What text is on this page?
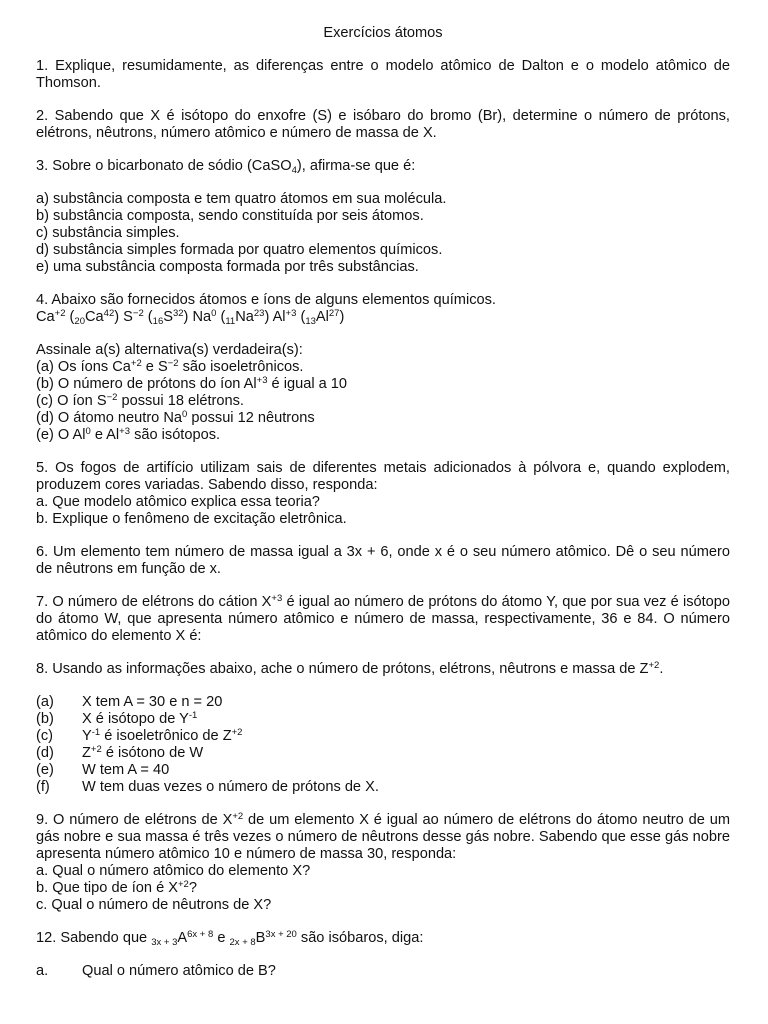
Exercícios átomos
1. Explique, resumidamente, as diferenças entre o modelo atômico de Dalton e o modelo atômico de Thomson.
2. Sabendo que X é isótopo do enxofre (S) e isóbaro do bromo (Br), determine o número de prótons, elétrons, nêutrons, número atômico e número de massa de X.
3. Sobre o bicarbonato de sódio (CaSO4), afirma-se que é:
a) substância composta e tem quatro átomos em sua molécula.
b) substância composta, sendo constituída por seis átomos.
c) substância simples.
d) substância simples formada por quatro elementos químicos.
e) uma substância composta formada por três substâncias.
4. Abaixo são fornecidos átomos e íons de alguns elementos químicos.
$Ca^{+2}$ (20Ca$^{42}$) $S^{-2}$ $(16S^{32})$ Na$^0$ (11Na$^{23}$) $Al^{+3}$ (13Al$^{27}$)
Assinale a(s) alternativa(s) verdadeira(s):
(a) Os íons $Ca^{+2}$ e $S^{-2}$ são isoeletrônicos.
(b) O número de prótons do íon $Al^{+3}$ é igual a 10
(c) O íon $S^{-2}$ possui 18 elétrons.
(d) O átomo neutro Na$^0$ possui 12 nêutrons
(e) O Al$^0$ e $Al^{+3}$ são isótopos.
5. Os fogos de artifício utilizam sais de diferentes metais adicionados à pólvora e, quando explodem, produzem cores variadas. Sabendo disso, responda:
a. Que modelo atômico explica essa teoria?
b. Explique o fenômeno de excitação eletrônica.
6. Um elemento tem número de massa igual a 3x + 6, onde x é o seu número atômico. Dê o seu número de nêutrons em função de x.
7. O número de elétrons do cátion $X^{+3}$ é igual ao número de prótons do átomo Y, que por sua vez é isótopo do átomo W, que apresenta número atômico e número de massa, respectivamente, 36 e 84. O número atômico do elemento X é:
8. Usando as informações abaixo, ache o número de prótons, elétrons, nêutrons e massa de $Z^{+2}$.
(a)	X tem A = 30 e n = 20
(b)	X é isótopo de $Y^{-1}$
(c)	$Y^{-1}$ é isoeletrônico de $Z^{+2}$
(d)	$Z^{+2}$ é isótono de W
(e)	W tem A = 40
(f)	W tem duas vezes o número de prótons de X.
9. O número de elétrons de $X^{+2}$ de um elemento X é igual ao número de elétrons do átomo neutro de um gás nobre e sua massa é três vezes o número de nêutrons desse gás nobre. Sabendo que esse gás nobre apresenta número atômico 10 e número de massa 30, responda:
a. Qual o número atômico do elemento X?
b. Que tipo de íon é $X^{+2}$?
c. Qual o número de nêutrons de X?
12. Sabendo que $3x + 3A^{6x + 8}$ e $2x + 8B^{3x + 20}$ são isóbaros, diga:
a.	Qual o número atômico de B?
